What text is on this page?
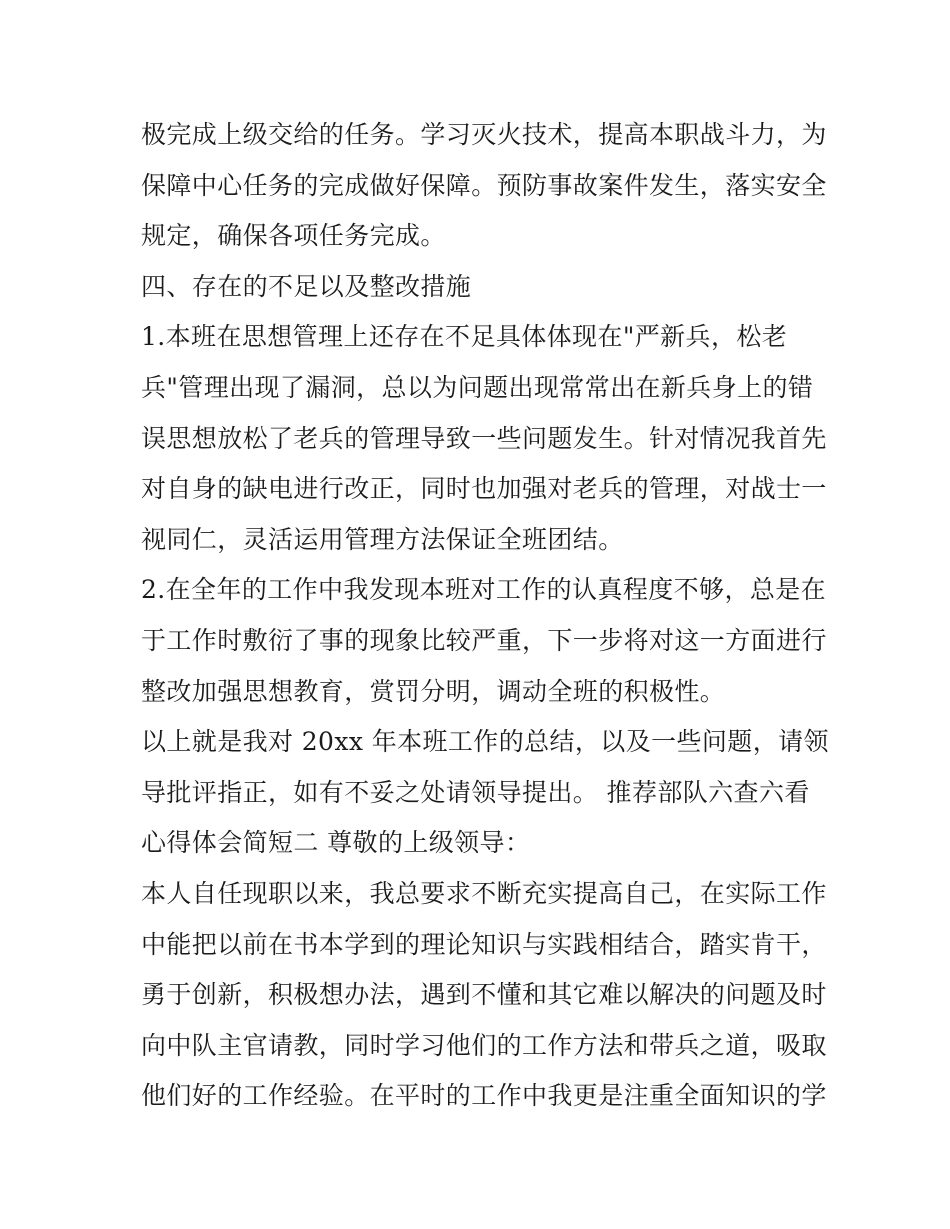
极完成上级交给的任务。学习灭火技术，提高本职战斗力，为
保障中心任务的完成做好保障。预防事故案件发生，落实安全
规定，确保各项任务完成。
四、存在的不足以及整改措施
1.本班在思想管理上还存在不足具体体现在"严新兵，松老
兵"管理出现了漏洞，总以为问题出现常常出在新兵身上的错
误思想放松了老兵的管理导致一些问题发生。针对情况我首先
对自身的缺电进行改正，同时也加强对老兵的管理，对战士一
视同仁，灵活运用管理方法保证全班团结。
2.在全年的工作中我发现本班对工作的认真程度不够，总是在
于工作时敷衍了事的现象比较严重，下一步将对这一方面进行
整改加强思想教育，赏罚分明，调动全班的积极性。
以上就是我对 20xx 年本班工作的总结，以及一些问题，请领
导批评指正，如有不妥之处请领导提出。 推荐部队六查六看
心得体会简短二 尊敬的上级领导：
本人自任现职以来，我总要求不断充实提高自己，在实际工作
中能把以前在书本学到的理论知识与实践相结合，踏实肯干，
勇于创新，积极想办法，遇到不懂和其它难以解决的问题及时
向中队主官请教，同时学习他们的工作方法和带兵之道，吸取
他们好的工作经验。在平时的工作中我更是注重全面知识的学
